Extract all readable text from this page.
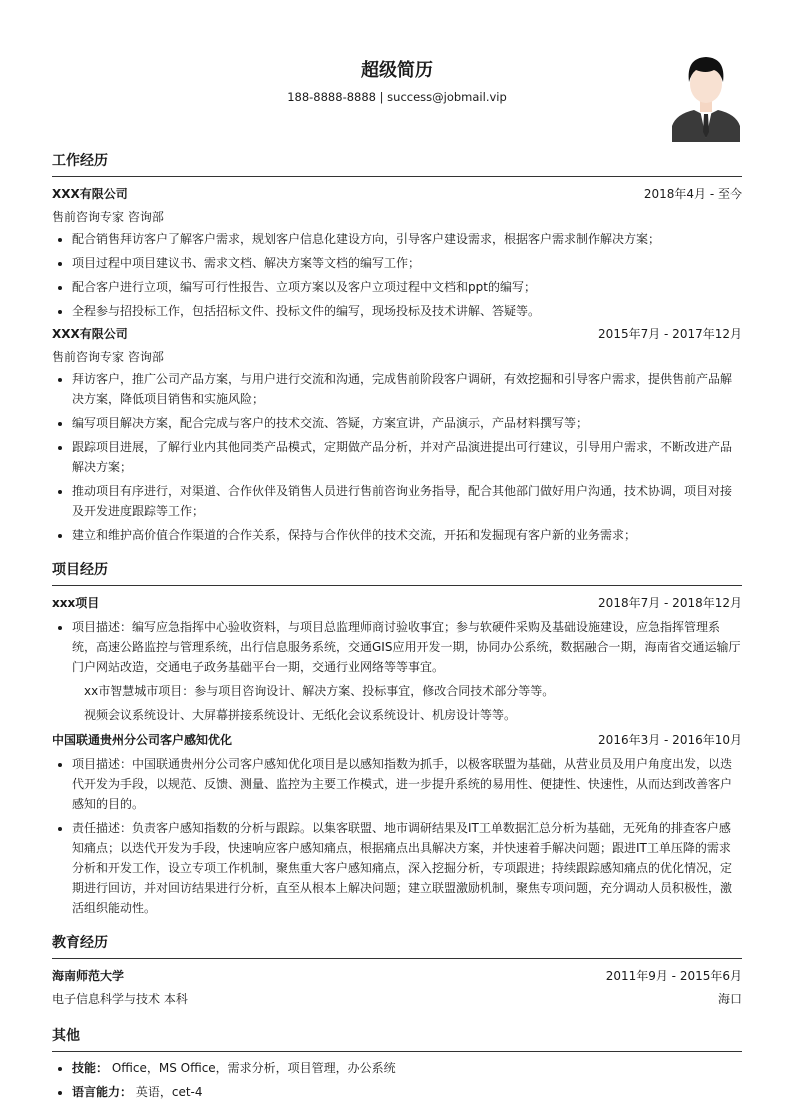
超级简历
188-8888-8888 | success@jobmail.vip
工作经历
XXX有限公司	2018年4月 - 至今
售前咨询专家 咨询部
• 配合销售拜访客户了解客户需求，规划客户信息化建设方向，引导客户建设需求，根据客户需求制作解决方案；
• 项目过程中项目建议书、需求文档、解决方案等文档的编写工作；
• 配合客户进行立项，编写可行性报告、立项方案以及客户立项过程中文档和ppt的编写；
• 全程参与招投标工作，包括招标文件、投标文件的编写，现场投标及技术讲解、答疑等。
XXX有限公司	2015年7月 - 2017年12月
售前咨询专家 咨询部
• 拜访客户，推广公司产品方案，与用户进行交流和沟通，完成售前阶段客户调研，有效挖掘和引导客户需求，提供售前产品解决方案，降低项目销售和实施风险；
• 编写项目解决方案，配合完成与客户的技术交流、答疑，方案宣讲，产品演示，产品材料撰写等；
• 跟踪项目进展，了解行业内其他同类产品模式，定期做产品分析，并对产品演进提出可行建议，引导用户需求，不断改进产品解决方案；
• 推动项目有序进行，对渠道、合作伙伴及销售人员进行售前咨询业务指导，配合其他部门做好用户沟通，技术协调，项目对接及开发进度跟踪等工作；
• 建立和维护高价值合作渠道的合作关系，保持与合作伙伴的技术交流，开拓和发掘现有客户新的业务需求；
项目经历
xxx项目	2018年7月 - 2018年12月
• 项目描述：编写应急指挥中心验收资料，与项目总监理师商讨验收事宜；参与软硬件采购及基础设施建设，应急指挥管理系统，高速公路监控与管理系统，出行信息服务系统，交通GIS应用开发一期，协同办公系统，数据融合一期，海南省交通运输厅门户网站改造，交通电子政务基础平台一期，交通行业网络等等事宜。
xx市智慧城市项目：参与项目咨询设计、解决方案、投标事宜，修改合同技术部分等等。
视频会议系统设计、大屏幕拼接系统设计、无纸化会议系统设计、机房设计等等。
中国联通贵州分公司客户感知优化	2016年3月 - 2016年10月
• 项目描述：中国联通贵州分公司客户感知优化项目是以感知指数为抓手，以极客联盟为基础，从营业员及用户角度出发，以迭代开发为手段，以规范、反馈、测量、监控为主要工作模式，进一步提升系统的易用性、便捷性、快速性，从而达到改善客户感知的目的。
• 责任描述：负责客户感知指数的分析与跟踪。以集客联盟、地市调研结果及IT工单数据汇总分析为基础，无死角的排查客户感知痛点；以迭代开发为手段，快速响应客户感知痛点，根据痛点出具解决方案，并快速着手解决问题；跟进IT工单压降的需求分析和开发工作，设立专项工作机制，聚焦重大客户感知痛点，深入挖掘分析，专项跟进；持续跟踪感知痛点的优化情况，定期进行回访，并对回访结果进行分析，直至从根本上解决问题；建立联盟激励机制，聚焦专项问题，充分调动人员积极性，激活组织能动性。
教育经历
海南师范大学	2011年9月 - 2015年6月
电子信息科学与技术 本科	海口
其他
• 技能： Office，MS Office，需求分析，项目管理，办公系统
• 语言能力： 英语，cet-4
